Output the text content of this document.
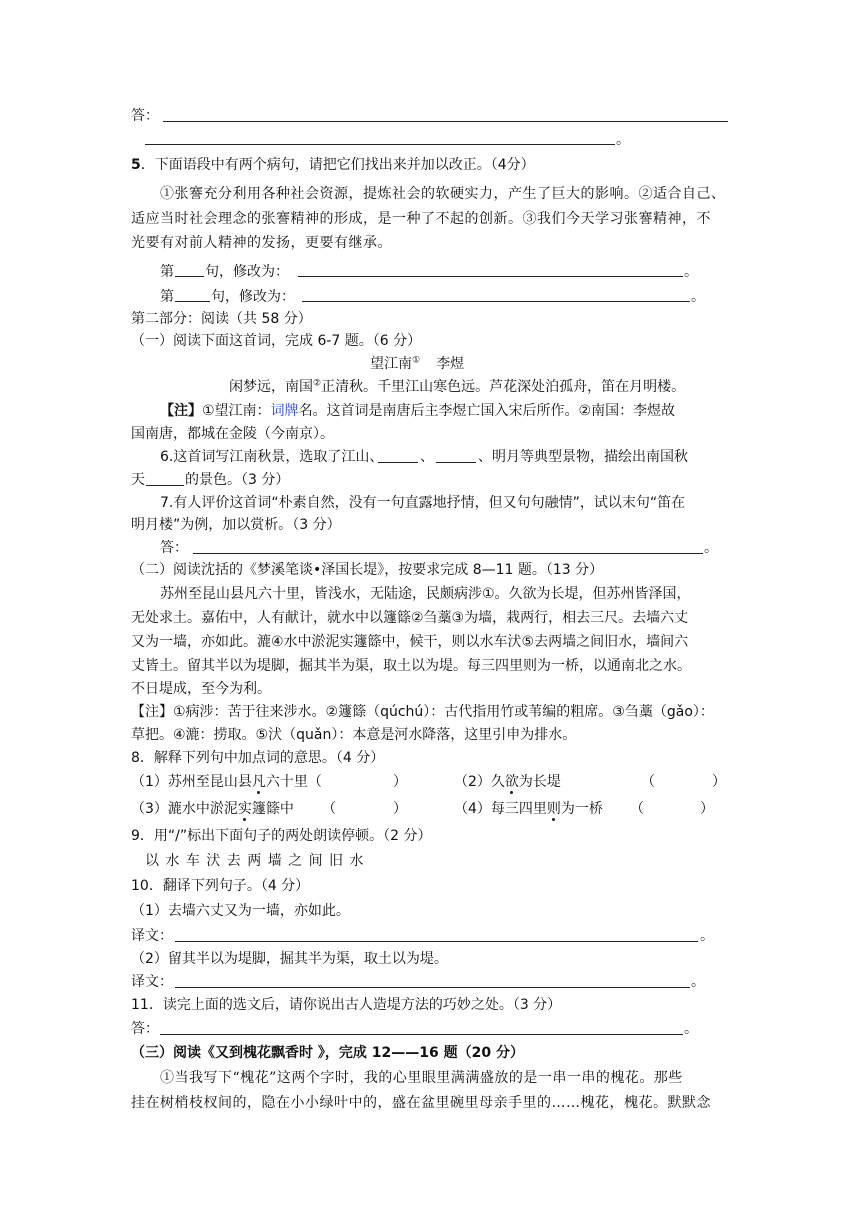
答：
。
5．下面语段中有两个病句，请把它们找出来并加以改正。（4分）
①张謇充分利用各种社会资源，提炼社会的软硬实力，产生了巨大的影响。②适合自己、
适应当时社会理念的张謇精神的形成，是一种了不起的创新。③我们今天学习张謇精神，不
光要有对前人精神的发扬，更要有继承。
第 句，修改为：	。
第	句，修改为：	。
第二部分：阅读（共 58 分）
（一）阅读下面这首词，完成 6-7 题。（6 分）
望江南① 李煜
闲梦远，南国②正清秋。千里江山寒色远。芦花深处泊孤舟，笛在月明楼。
【注】①望江南：词牌名。这首词是南唐后主李煜亡国入宋后所作。②南国：李煜故
国南唐，都城在金陵（今南京）。
6.这首词写江南秋景，选取了江山、	、	、明月等典型景物，描绘出南国秋
天	的景色。（3 分）
7.有人评价这首词“朴素自然，没有一句直露地抒情，但又句句融情”，试以末句“笛在
明月楼”为例，加以赏析。（3 分）
答：	。
（二）阅读沈括的《梦溪笔谈•泽国长堤》，按要求完成 8—11 题。（13 分）
苏州至昆山县凡六十里，皆浅水，无陆途，民颇病涉①。久欲为长堤，但苏州皆泽国，
无处求土。嘉佑中，人有献计，就水中以籧篨②刍藁③为墙，栽两行，相去三尺。去墙六丈
又为一墙，亦如此。漉④水中淤泥实籧篨中，候干，则以水车汱⑤去两墙之间旧水，墙间六
丈皆土。留其半以为堤脚，掘其半为渠，取土以为堤。每三四里则为一桥，以通南北之水。
不日堤成，至今为利。
【注】①病涉：苦于往来涉水。②籧篨（qúchú）：古代指用竹或苇编的粗席。③刍藁（gǎo）：
草把。④漉：捞取。⑤汱（quǎn）：本意是河水降落，这里引申为排水。
8．解释下列句中加点词的意思。（4 分）
（1）苏州至昆山县凡六十里（	）	（2）久欲为长堤	（	）
（3）漉水中淤泥实籧篨中 （	）	（4）每三四里则为一桥 （	）
9．用“/”标出下面句子的两处朗读停顿。（2 分）
以 水 车 汱 去 两 墙 之 间 旧 水
10．翻译下列句子。（4 分）
（1）去墙六丈又为一墙，亦如此。
译文：	。
（2）留其半以为堤脚，掘其半为渠，取土以为堤。
译文：	。
11．读完上面的选文后，请你说出古人造堤方法的巧妙之处。（3 分）
答：	。
（三）阅读《又到槐花飘香时 》，完成 12——16 题（20 分）
①当我写下“槐花”这两个字时，我的心里眼里满满盛放的是一串一串的槐花。那些
挂在树梢枝杈间的，隐在小小绿叶中的，盛在盆里碗里母亲手里的……槐花，槐花。默默念
